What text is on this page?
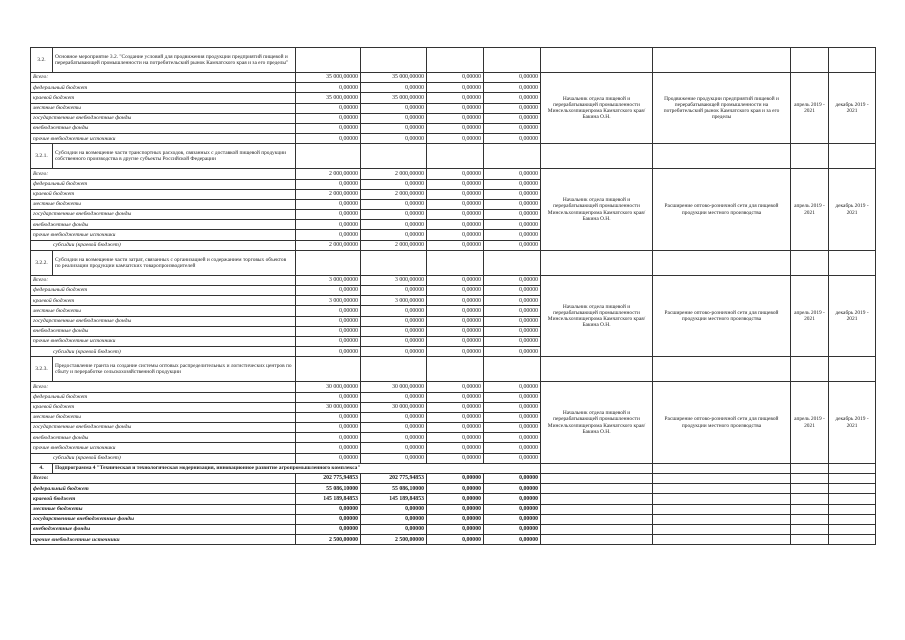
3.2.	Основное мероприятие 3.2. "Создание условий для продвижения продукции предприятий пищевой и перерабатывающей промышленности на потребительский рынок Камчатского края и за его пределы"								
Всего:		35 000,00000	35 000,00000	0,00000	0,00000	Начальник отдела пищевой и перерабатывающей промышленности Минсельхозпищепрома Камчатского края/ Бакина О.Н.	Продвижение продукции предприятий пищевой и перерабатывающей промышленности на потребительский рынок Камчатского края и за его пределы	апрель 2019 - 2021	декабрь 2019 - 2021
федеральный бюджет		0,00000	0,00000	0,00000	0,00000				
краевой бюджет		35 000,00000	35 000,00000	0,00000	0,00000				
местные бюджеты		0,00000	0,00000	0,00000	0,00000				
государственные внебюджетные фонды		0,00000	0,00000	0,00000	0,00000				
внебюджетные фонды		0,00000	0,00000	0,00000	0,00000				
прочие внебюджетные источники		0,00000	0,00000	0,00000	0,00000				
3.2.1.	Субсидии на возмещение части транспортных расходов, связанных с доставкой пищевой продукции собственного производства в другие субъекты Российской Федерации								
Всего:		2 000,00000	2 000,00000	0,00000	0,00000	Начальник отдела пищевой и перерабатывающей промышленности Минсельхозпищепрома Камчатского края/ Бакина О.Н.	Расширение оптово-розничной сети для пищевой продукции местного производства	апрель 2019 - 2021	декабрь 2019 - 2021
федеральный бюджет		0,00000	0,00000	0,00000	0,00000				
краевой бюджет		2 000,00000	2 000,00000	0,00000	0,00000				
местные бюджеты		0,00000	0,00000	0,00000	0,00000				
государственные внебюджетные фонды		0,00000	0,00000	0,00000	0,00000				
внебюджетные фонды		0,00000	0,00000	0,00000	0,00000				
прочие внебюджетные источники		0,00000	0,00000	0,00000	0,00000				
субсидии (краевой бюджет)		2 000,00000	2 000,00000	0,00000	0,00000				
3.2.2.	Субсидии на возмещение части затрат, связанных с организацией и содержанием торговых объектов по реализации продукции камчатских товаропроизводителей								
Всего:		3 000,00000	3 000,00000	0,00000	0,00000	Начальник отдела пищевой и перерабатывающей промышленности Минсельхозпищепрома Камчатского края/ Бакина О.Н.	Расширение оптово-розничной сети для пищевой продукции местного производства	апрель 2019 - 2021	декабрь 2019 - 2021
федеральный бюджет		0,00000	0,00000	0,00000	0,00000				
краевой бюджет		3 000,00000	3 000,00000	0,00000	0,00000				
местные бюджеты		0,00000	0,00000	0,00000	0,00000				
государственные внебюджетные фонды		0,00000	0,00000	0,00000	0,00000				
внебюджетные фонды		0,00000	0,00000	0,00000	0,00000				
прочие внебюджетные источники		0,00000	0,00000	0,00000	0,00000				
субсидии (краевой бюджет)		0,00000	0,00000	0,00000	0,00000				
3.2.3.	Предоставление гранта на создание системы оптовых распределительных и логистических центров по сбыту и переработке сельскохозяйственной продукции								
Всего:		30 000,00000	30 000,00000	0,00000	0,00000	Начальник отдела пищевой и перерабатывающей промышленности Минсельхозпищепрома Камчатского края/ Бакина О.Н.	Расширение оптово-розничной сети для пищевой продукции местного производства	апрель 2019 - 2021	декабрь 2019 - 2021
федеральный бюджет		0,00000	0,00000	0,00000	0,00000				
краевой бюджет		30 000,00000	30 000,00000	0,00000	0,00000				
местные бюджеты		0,00000	0,00000	0,00000	0,00000				
государственные внебюджетные фонды		0,00000	0,00000	0,00000	0,00000				
внебюджетные фонды		0,00000	0,00000	0,00000	0,00000				
прочие внебюджетные источники		0,00000	0,00000	0,00000	0,00000				
субсидии (краевой бюджет)		0,00000	0,00000	0,00000	0,00000				
4.	Подпрограмма 4 "Техническая и технологическая модернизация, инновационное развитие агропромышленного комплекса"								
Всего:		202 775,94853	202 775,94853	0,00000	0,00000				
федеральный бюджет		55 086,10000	55 086,10000	0,00000	0,00000				
краевой бюджет		145 189,84853	145 189,84853	0,00000	0,00000				
местные бюджеты		0,00000	0,00000	0,00000	0,00000				
государственные внебюджетные фонды		0,00000	0,00000	0,00000	0,00000				
внебюджетные фонды		0,00000	0,00000	0,00000	0,00000				
прочие внебюджетные источники		2 500,00000	2 500,00000	0,00000	0,00000				
